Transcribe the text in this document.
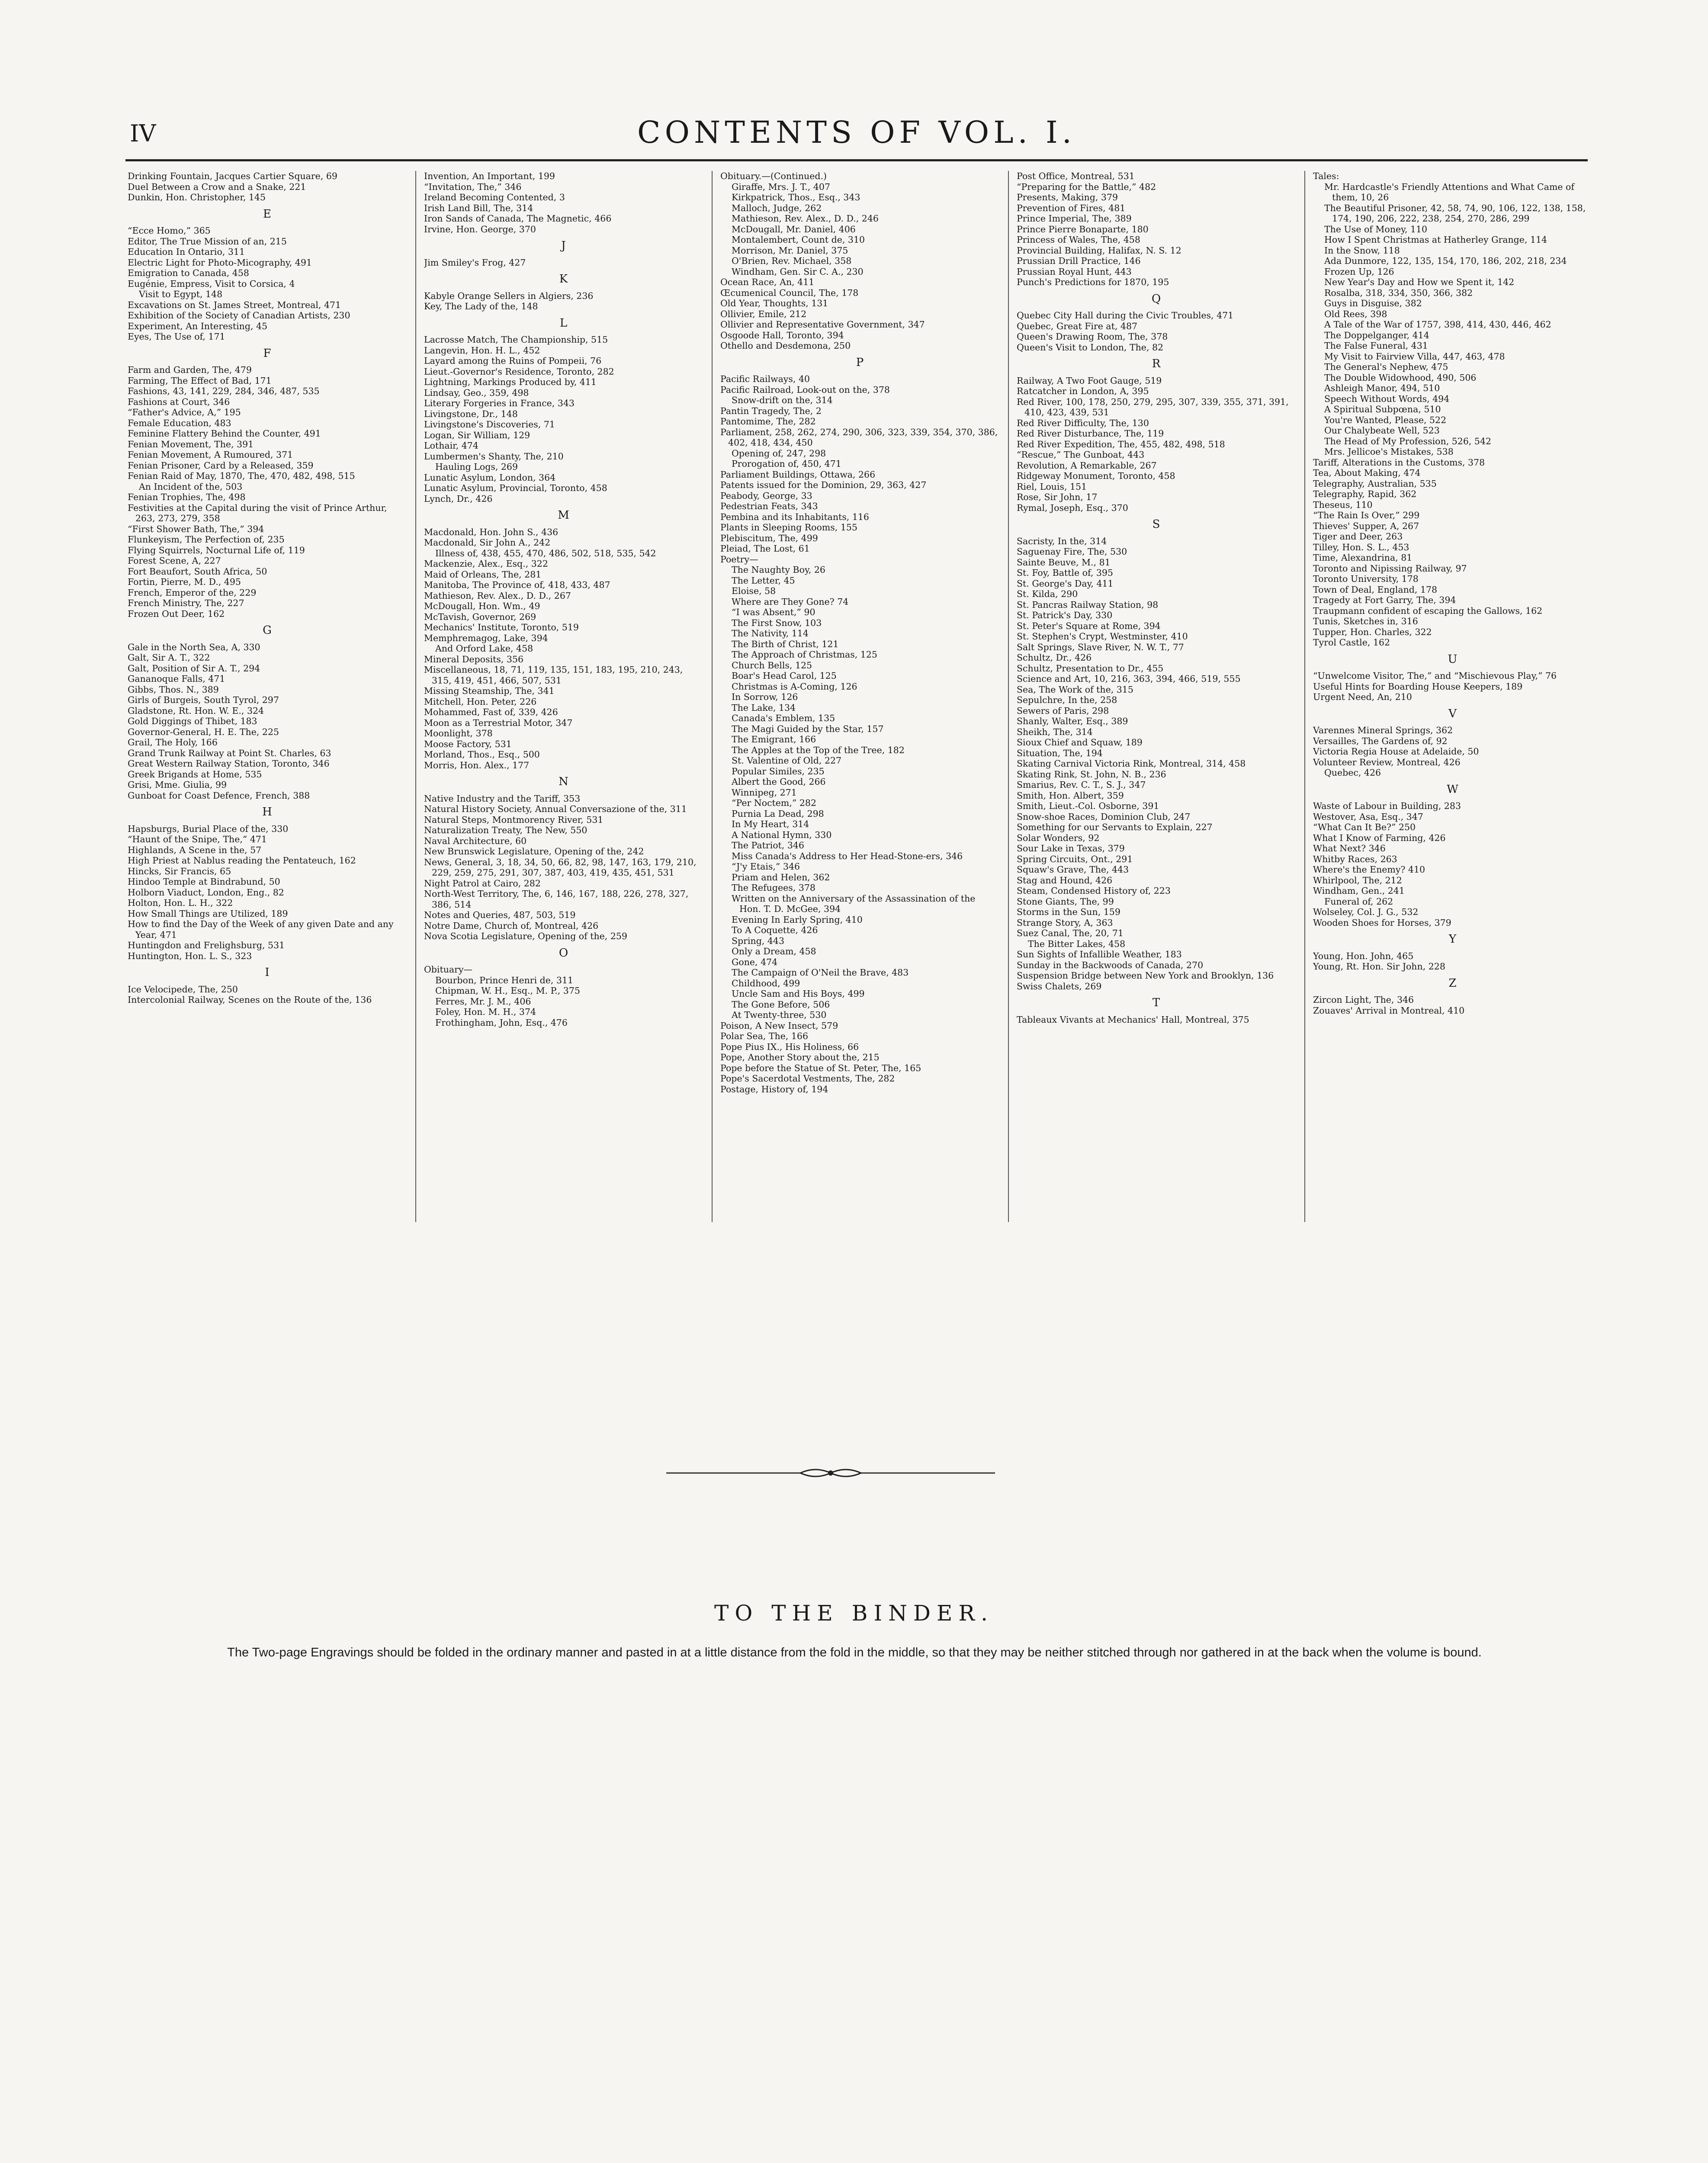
IV	CONTENTS OF VOL. I.
Drinking Fountain, Jacques Cartier Square, 69
Duel Between a Crow and a Snake, 221
Dunkin, Hon. Christopher, 145
E
“Ecce Homo,” 365
Editor, The True Mission of an, 215
Education In Ontario, 311
Electric Light for Photo-Micography, 491
Emigration to Canada, 458
Eugénie, Empress, Visit to Corsica, 4
Visit to Egypt, 148
Excavations on St. James Street, Montreal, 471
Exhibition of the Society of Canadian Artists, 230
Experiment, An Interesting, 45
Eyes, The Use of, 171
F
Farm and Garden, The, 479
Farming, The Effect of Bad, 171
Fashions, 43, 141, 229, 284, 346, 487, 535
Fashions at Court, 346
“Father's Advice, A,” 195
Female Education, 483
Feminine Flattery Behind the Counter, 491
Fenian Movement, The, 391
Fenian Movement, A Rumoured, 371
Fenian Prisoner, Card by a Released, 359
Fenian Raid of May, 1870, The, 470, 482, 498, 515
An Incident of the, 503
Fenian Trophies, The, 498
Festivities at the Capital during the visit of Prince Arthur, 263, 273, 279, 358
“First Shower Bath, The,” 394
Flunkeyism, The Perfection of, 235
Flying Squirrels, Nocturnal Life of, 119
Forest Scene, A, 227
Fort Beaufort, South Africa, 50
Fortin, Pierre, M. D., 495
French, Emperor of the, 229
French Ministry, The, 227
Frozen Out Deer, 162
G
Gale in the North Sea, A, 330
Galt, Sir A. T., 322
Galt, Position of Sir A. T., 294
Gananoque Falls, 471
Gibbs, Thos. N., 389
Girls of Burgeis, South Tyrol, 297
Gladstone, Rt. Hon. W. E., 324
Gold Diggings of Thibet, 183
Governor-General, H. E. The, 225
Grail, The Holy, 166
Grand Trunk Railway at Point St. Charles, 63
Great Western Railway Station, Toronto, 346
Greek Brigands at Home, 535
Grisi, Mme. Giulia, 99
Gunboat for Coast Defence, French, 388
H
Hapsburgs, Burial Place of the, 330
“Haunt of the Snipe, The,” 471
Highlands, A Scene in the, 57
High Priest at Nablus reading the Pentateuch, 162
Hincks, Sir Francis, 65
Hindoo Temple at Bindrabund, 50
Holborn Viaduct, London, Eng., 82
Holton, Hon. L. H., 322
How Small Things are Utilized, 189
How to find the Day of the Week of any given Date and any Year, 471
Huntingdon and Frelighsburg, 531
Huntington, Hon. L. S., 323
I
Ice Velocipede, The, 250
Intercolonial Railway, Scenes on the Route of the, 136
Invention, An Important, 199
“Invitation, The,” 346
Ireland Becoming Contented, 3
Irish Land Bill, The, 314
Iron Sands of Canada, The Magnetic, 466
Irvine, Hon. George, 370
J
Jim Smiley's Frog, 427
K
Kabyle Orange Sellers in Algiers, 236
Key, The Lady of the, 148
L
Lacrosse Match, The Championship, 515
Langevin, Hon. H. L., 452
Layard among the Ruins of Pompeii, 76
Lieut.-Governor's Residence, Toronto, 282
Lightning, Markings Produced by, 411
Lindsay, Geo., 359, 498
Literary Forgeries in France, 343
Livingstone, Dr., 148
Livingstone's Discoveries, 71
Logan, Sir William, 129
Lothair, 474
Lumbermen's Shanty, The, 210
Hauling Logs, 269
Lunatic Asylum, London, 364
Lunatic Asylum, Provincial, Toronto, 458
Lynch, Dr., 426
M
Macdonald, Hon. John S., 436
Macdonald, Sir John A., 242
Illness of, 438, 455, 470, 486, 502, 518, 535, 542
Mackenzie, Alex., Esq., 322
Maid of Orleans, The, 281
Manitoba, The Province of, 418, 433, 487
Mathieson, Rev. Alex., D. D., 267
McDougall, Hon. Wm., 49
McTavish, Governor, 269
Mechanics' Institute, Toronto, 519
Memphremagog, Lake, 394
And Orford Lake, 458
Mineral Deposits, 356
Miscellaneous, 18, 71, 119, 135, 151, 183, 195, 210, 243, 315, 419, 451, 466, 507, 531
Missing Steamship, The, 341
Mitchell, Hon. Peter, 226
Mohammed, Fast of, 339, 426
Moon as a Terrestrial Motor, 347
Moonlight, 378
Moose Factory, 531
Morland, Thos., Esq., 500
Morris, Hon. Alex., 177
N
Native Industry and the Tariff, 353
Natural History Society, Annual Conversazione of the, 311
Natural Steps, Montmorency River, 531
Naturalization Treaty, The New, 550
Naval Architecture, 60
New Brunswick Legislature, Opening of the, 242
News, General, 3, 18, 34, 50, 66, 82, 98, 147, 163, 179, 210, 229, 259, 275, 291, 307, 387, 403, 419, 435, 451, 531
Night Patrol at Cairo, 282
North-West Territory, The, 6, 146, 167, 188, 226, 278, 327, 386, 514
Notes and Queries, 487, 503, 519
Notre Dame, Church of, Montreal, 426
Nova Scotia Legislature, Opening of the, 259
O
Obituary—
Bourbon, Prince Henri de, 311
Chipman, W. H., Esq., M. P., 375
Ferres, Mr. J. M., 406
Foley, Hon. M. H., 374
Frothingham, John, Esq., 476
Obituary.—(Continued.)
Giraffe, Mrs. J. T., 407
Kirkpatrick, Thos., Esq., 343
Malloch, Judge, 262
Mathieson, Rev. Alex., D. D., 246
McDougall, Mr. Daniel, 406
Montalembert, Count de, 310
Morrison, Mr. Daniel, 375
O'Brien, Rev. Michael, 358
Windham, Gen. Sir C. A., 230
Ocean Race, An, 411
Œcumenical Council, The, 178
Old Year, Thoughts, 131
Ollivier, Emile, 212
Ollivier and Representative Government, 347
Osgoode Hall, Toronto, 394
Othello and Desdemona, 250
P
Pacific Railways, 40
Pacific Railroad, Look-out on the, 378
Snow-drift on the, 314
Pantin Tragedy, The, 2
Pantomime, The, 282
Parliament, 258, 262, 274, 290, 306, 323, 339, 354, 370, 386, 402, 418, 434, 450
Opening of, 247, 298
Prorogation of, 450, 471
Parliament Buildings, Ottawa, 266
Patents issued for the Dominion, 29, 363, 427
Peabody, George, 33
Pedestrian Feats, 343
Pembina and its Inhabitants, 116
Plants in Sleeping Rooms, 155
Plebiscitum, The, 499
Pleiad, The Lost, 61
Poetry—
The Naughty Boy, 26
The Letter, 45
Eloise, 58
Where are They Gone? 74
“I was Absent,” 90
The First Snow, 103
The Nativity, 114
The Birth of Christ, 121
The Approach of Christmas, 125
Church Bells, 125
Boar's Head Carol, 125
Christmas is A-Coming, 126
In Sorrow, 126
The Lake, 134
Canada's Emblem, 135
The Magi Guided by the Star, 157
The Emigrant, 166
The Apples at the Top of the Tree, 182
St. Valentine of Old, 227
Popular Similes, 235
Albert the Good, 266
Winnipeg, 271
“Per Noctem,” 282
Purnia La Dead, 298
In My Heart, 314
A National Hymn, 330
The Patriot, 346
Miss Canada's Address to Her Head-Stone-ers, 346
“J'y Etais,” 346
Priam and Helen, 362
The Refugees, 378
Written on the Anniversary of the Assassination of the Hon. T. D. McGee, 394
Evening In Early Spring, 410
To A Coquette, 426
Spring, 443
Only a Dream, 458
Gone, 474
The Campaign of O'Neil the Brave, 483
Childhood, 499
Uncle Sam and His Boys, 499
The Gone Before, 506
At Twenty-three, 530
Poison, A New Insect, 579
Polar Sea, The, 166
Pope Pius IX., His Holiness, 66
Pope, Another Story about the, 215
Pope before the Statue of St. Peter, The, 165
Pope's Sacerdotal Vestments, The, 282
Postage, History of, 194
Post Office, Montreal, 531
“Preparing for the Battle,” 482
Presents, Making, 379
Prevention of Fires, 481
Prince Imperial, The, 389
Prince Pierre Bonaparte, 180
Princess of Wales, The, 458
Provincial Building, Halifax, N. S. 12
Prussian Drill Practice, 146
Prussian Royal Hunt, 443
Punch's Predictions for 1870, 195
Q
Quebec City Hall during the Civic Troubles, 471
Quebec, Great Fire at, 487
Queen's Drawing Room, The, 378
Queen's Visit to London, The, 82
R
Railway, A Two Foot Gauge, 519
Ratcatcher in London, A, 395
Red River, 100, 178, 250, 279, 295, 307, 339, 355, 371, 391, 410, 423, 439, 531
Red River Difficulty, The, 130
Red River Disturbance, The, 119
Red River Expedition, The, 455, 482, 498, 518
“Rescue,” The Gunboat, 443
Revolution, A Remarkable, 267
Ridgeway Monument, Toronto, 458
Riel, Louis, 151
Rose, Sir John, 17
Rymal, Joseph, Esq., 370
S
Sacristy, In the, 314
Saguenay Fire, The, 530
Sainte Beuve, M., 81
St. Foy, Battle of, 395
St. George's Day, 411
St. Kilda, 290
St. Pancras Railway Station, 98
St. Patrick's Day, 330
St. Peter's Square at Rome, 394
St. Stephen's Crypt, Westminster, 410
Salt Springs, Slave River, N. W. T., 77
Schultz, Dr., 426
Schultz, Presentation to Dr., 455
Science and Art, 10, 216, 363, 394, 466, 519, 555
Sea, The Work of the, 315
Sepulchre, In the, 258
Sewers of Paris, 298
Shanly, Walter, Esq., 389
Sheikh, The, 314
Sioux Chief and Squaw, 189
Situation, The, 194
Skating Carnival Victoria Rink, Montreal, 314, 458
Skating Rink, St. John, N. B., 236
Smarius, Rev. C. T., S. J., 347
Smith, Hon. Albert, 359
Smith, Lieut.-Col. Osborne, 391
Snow-shoe Races, Dominion Club, 247
Something for our Servants to Explain, 227
Solar Wonders, 92
Sour Lake in Texas, 379
Spring Circuits, Ont., 291
Squaw's Grave, The, 443
Stag and Hound, 426
Steam, Condensed History of, 223
Stone Giants, The, 99
Storms in the Sun, 159
Strange Story, A, 363
Suez Canal, The, 20, 71
The Bitter Lakes, 458
Sun Sights of Infallible Weather, 183
Sunday in the Backwoods of Canada, 270
Suspension Bridge between New York and Brooklyn, 136
Swiss Chalets, 269
T
Tableaux Vivants at Mechanics' Hall, Montreal, 375
Tales:
Mr. Hardcastle's Friendly Attentions and What Came of them, 10, 26
The Beautiful Prisoner, 42, 58, 74, 90, 106, 122, 138, 158, 174, 190, 206, 222, 238, 254, 270, 286, 299
The Use of Money, 110
How I Spent Christmas at Hatherley Grange, 114
In the Snow, 118
Ada Dunmore, 122, 135, 154, 170, 186, 202, 218, 234
Frozen Up, 126
New Year's Day and How we Spent it, 142
Rosalba, 318, 334, 350, 366, 382
Guys in Disguise, 382
Old Rees, 398
A Tale of the War of 1757, 398, 414, 430, 446, 462
The Doppelganger, 414
The False Funeral, 431
My Visit to Fairview Villa, 447, 463, 478
The General's Nephew, 475
The Double Widowhood, 490, 506
Ashleigh Manor, 494, 510
Speech Without Words, 494
A Spiritual Subpœna, 510
You're Wanted, Please, 522
Our Chalybeate Well, 523
The Head of My Profession, 526, 542
Mrs. Jellicoe's Mistakes, 538
Tariff, Alterations in the Customs, 378
Tea, About Making, 474
Telegraphy, Australian, 535
Telegraphy, Rapid, 362
Theseus, 110
“The Rain Is Over,” 299
Thieves' Supper, A, 267
Tiger and Deer, 263
Tilley, Hon. S. L., 453
Time, Alexandrina, 81
Toronto and Nipissing Railway, 97
Toronto University, 178
Town of Deal, England, 178
Tragedy at Fort Garry, The, 394
Traupmann confident of escaping the Gallows, 162
Tunis, Sketches in, 316
Tupper, Hon. Charles, 322
Tyrol Castle, 162
U
“Unwelcome Visitor, The,” and “Mischievous Play,” 76
Useful Hints for Boarding House Keepers, 189
Urgent Need, An, 210
V
Varennes Mineral Springs, 362
Versailles, The Gardens of, 92
Victoria Regia House at Adelaide, 50
Volunteer Review, Montreal, 426
Quebec, 426
W
Waste of Labour in Building, 283
Westover, Asa, Esq., 347
“What Can It Be?” 250
What I Know of Farming, 426
What Next? 346
Whitby Races, 263
Where's the Enemy? 410
Whirlpool, The, 212
Windham, Gen., 241
Funeral of, 262
Wolseley, Col. J. G., 532
Wooden Shoes for Horses, 379
Y
Young, Hon. John, 465
Young, Rt. Hon. Sir John, 228
Z
Zircon Light, The, 346
Zouaves' Arrival in Montreal, 410
TO THE BINDER.
The Two-page Engravings should be folded in the ordinary manner and pasted in at a little distance from the fold in the middle, so that they may be neither stitched through nor gathered in at the back when the volume is bound.
